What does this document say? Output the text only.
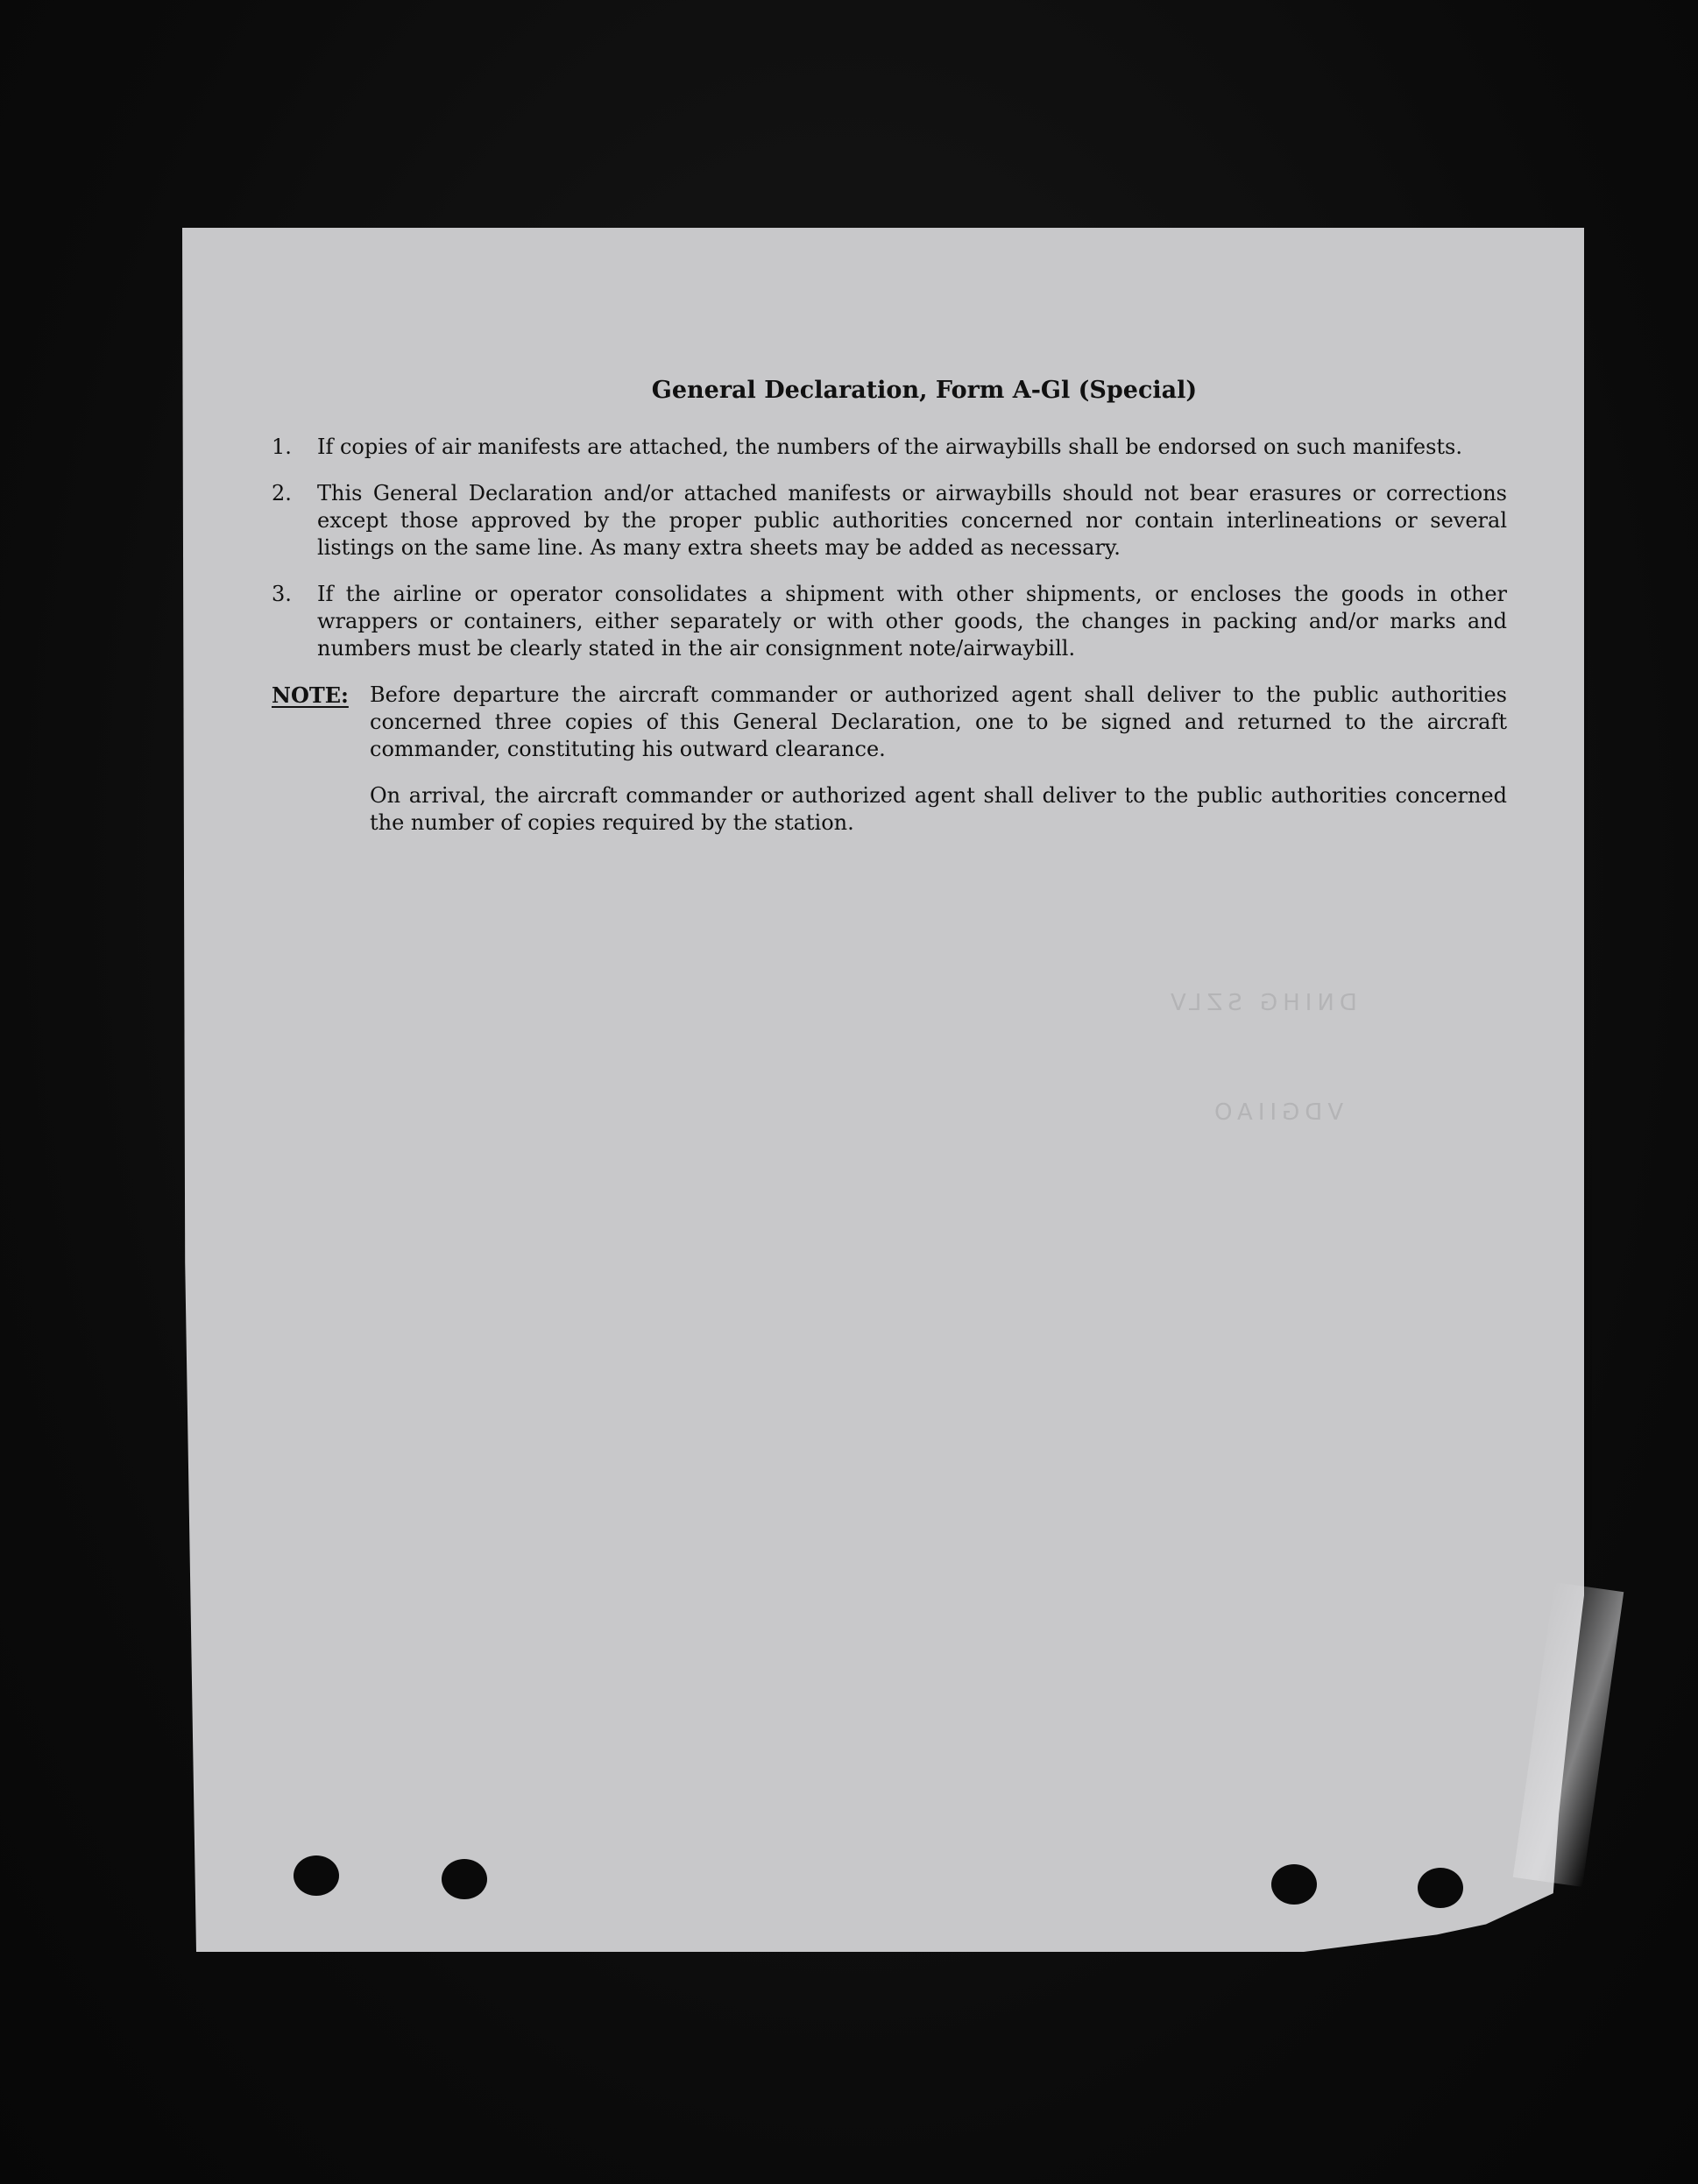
DNIHG SZLV
VDGIIAO
General Declaration, Form A-Gl (Special)
1.	If copies of air manifests are attached, the numbers of the airwaybills shall be endorsed on such manifests.
2.	This General Declaration and/or attached manifests or airwaybills should not bear erasures or corrections except those approved by the proper public authorities concerned nor contain interlineations or several listings on the same line. As many extra sheets may be added as necessary.
3.	If the airline or operator consolidates a shipment with other shipments, or encloses the goods in other wrappers or containers, either separately or with other goods, the changes in packing and/or marks and numbers must be clearly stated in the air consignment note/airwaybill.
NOTE:	Before departure the aircraft commander or authorized agent shall deliver to the public authorities concerned three copies of this General Declaration, one to be signed and returned to the aircraft commander, constituting his outward clearance.

On arrival, the aircraft commander or authorized agent shall deliver to the public authorities concerned the number of copies required by the station.
